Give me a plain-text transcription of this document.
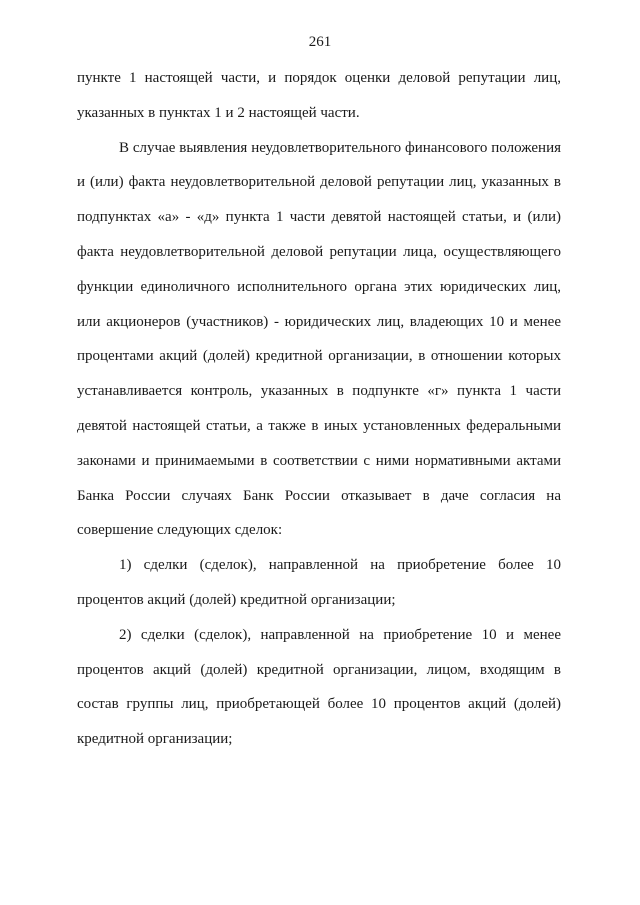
261

пункте 1 настоящей части, и порядок оценки деловой репутации лиц, указанных в пунктах 1 и 2 настоящей части.

В случае выявления неудовлетворительного финансового положения и (или) факта неудовлетворительной деловой репутации лиц, указанных в подпунктах «а» - «д» пункта 1 части девятой настоящей статьи, и (или) факта неудовлетворительной деловой репутации лица, осуществляющего функции единоличного исполнительного органа этих юридических лиц, или акционеров (участников) - юридических лиц, владеющих 10 и менее процентами акций (долей) кредитной организации, в отношении которых устанавливается контроль, указанных в подпункте «г» пункта 1 части девятой настоящей статьи, а также в иных установленных федеральными законами и принимаемыми в соответствии с ними нормативными актами Банка России случаях Банк России отказывает в даче согласия на совершение следующих сделок:

1) сделки (сделок), направленной на приобретение более 10 процентов акций (долей) кредитной организации;

2) сделки (сделок), направленной на приобретение 10 и менее процентов акций (долей) кредитной организации, лицом, входящим в состав группы лиц, приобретающей более 10 процентов акций (долей) кредитной организации;
